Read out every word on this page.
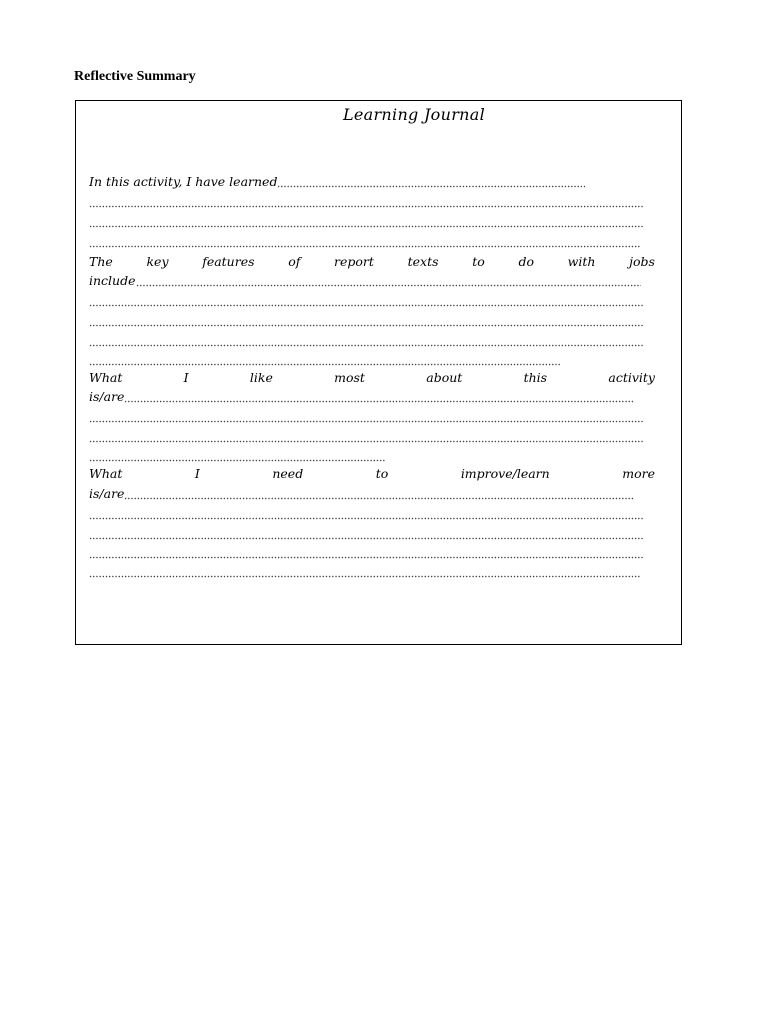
Reflective Summary
Learning Journal
In this activity, I have learned
The	key	features	of	report	texts	to	do	with	jobs
include
What	I	like	most	about	this	activity
is/are
What	I	need	to	improve/learn	more
is/are
